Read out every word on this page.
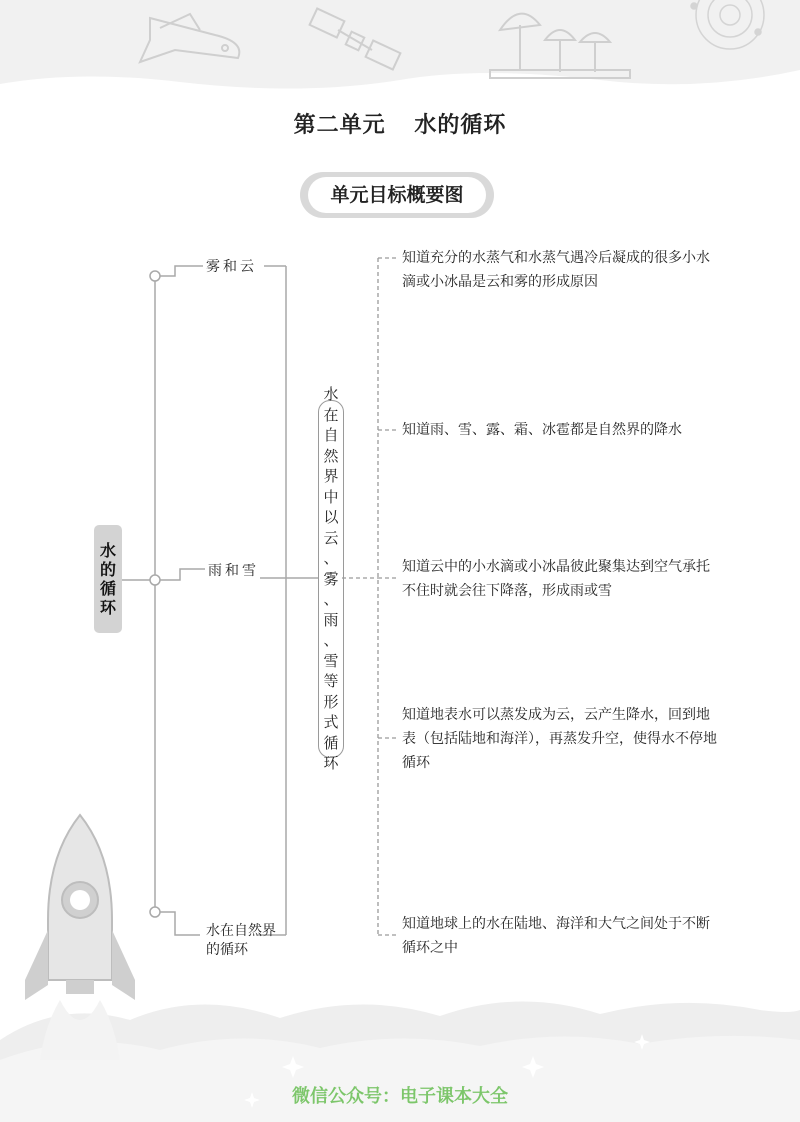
第二单元 水的循环
单元目标概要图
水
的
循
环
雾和云
雨和雪
水在自然界
的循环
水
在
自
然
界
中
以
云
、
雾
、
雨
、
雪
等
形
式
循
环
知道充分的水蒸气和水蒸气遇冷后凝成的很多小水滴或小冰晶是云和雾的形成原因
知道雨、雪、露、霜、冰雹都是自然界的降水
知道云中的小水滴或小冰晶彼此聚集达到空气承托不住时就会往下降落，形成雨或雪
知道地表水可以蒸发成为云，云产生降水，回到地表（包括陆地和海洋），再蒸发升空，使得水不停地循环
知道地球上的水在陆地、海洋和大气之间处于不断循环之中
微信公众号：电子课本大全
